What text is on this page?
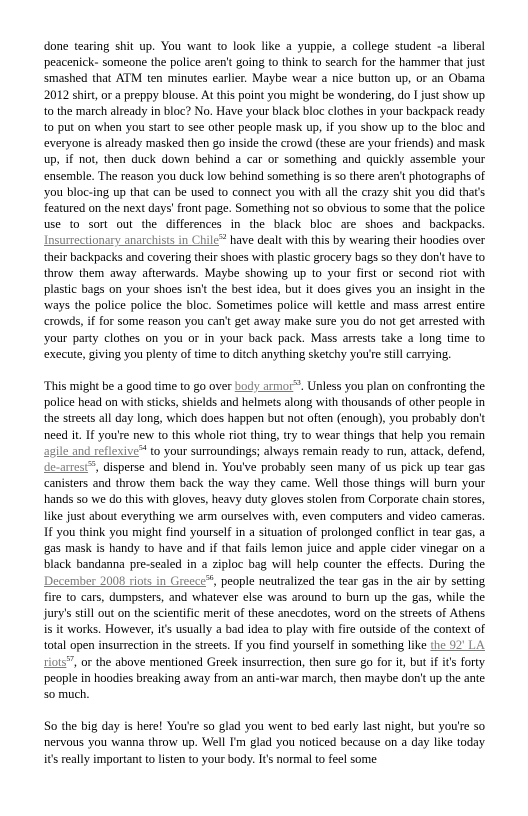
done tearing shit up. You want to look like a yuppie, a college student -a liberal peacenick- someone the police aren't going to think to search for the hammer that just smashed that ATM ten minutes earlier. Maybe wear a nice button up, or an Obama 2012 shirt, or a preppy blouse. At this point you might be wondering, do I just show up to the march already in bloc? No. Have your black bloc clothes in your backpack ready to put on when you start to see other people mask up, if you show up to the bloc and everyone is already masked then go inside the crowd (these are your friends) and mask up, if not, then duck down behind a car or something and quickly assemble your ensemble. The reason you duck low behind something is so there aren't photographs of you bloc-ing up that can be used to connect you with all the crazy shit you did that's featured on the next days' front page. Something not so obvious to some that the police use to sort out the differences in the black bloc are shoes and backpacks. Insurrectionary anarchists in Chile$^{52}$ have dealt with this by wearing their hoodies over their backpacks and covering their shoes with plastic grocery bags so they don't have to throw them away afterwards. Maybe showing up to your first or second riot with plastic bags on your shoes isn't the best idea, but it does gives you an insight in the ways the police police the bloc. Sometimes police will kettle and mass arrest entire crowds, if for some reason you can't get away make sure you do not get arrested with your party clothes on you or in your back pack. Mass arrests take a long time to execute, giving you plenty of time to ditch anything sketchy you're still carrying.

This might be a good time to go over body armor$^{53}$. Unless you plan on confronting the police head on with sticks, shields and helmets along with thousands of other people in the streets all day long, which does happen but not often (enough), you probably don't need it. If you're new to this whole riot thing, try to wear things that help you remain agile and reflexive$^{54}$ to your surroundings; always remain ready to run, attack, defend, de-arrest$^{55}$, disperse and blend in. You've probably seen many of us pick up tear gas canisters and throw them back the way they came. Well those things will burn your hands so we do this with gloves, heavy duty gloves stolen from Corporate chain stores, like just about everything we arm ourselves with, even computers and video cameras. If you think you might find yourself in a situation of prolonged conflict in tear gas, a gas mask is handy to have and if that fails lemon juice and apple cider vinegar on a black bandanna pre-sealed in a ziploc bag will help counter the effects. During the December 2008 riots in Greece$^{56}$, people neutralized the tear gas in the air by setting fire to cars, dumpsters, and whatever else was around to burn up the gas, while the jury's still out on the scientific merit of these anecdotes, word on the streets of Athens is it works. However, it's usually a bad idea to play with fire outside of the context of total open insurrection in the streets. If you find yourself in something like the 92' LA riots$^{57}$, or the above mentioned Greek insurrection, then sure go for it, but if it's forty people in hoodies breaking away from an anti-war march, then maybe don't up the ante so much.

So the big day is here! You're so glad you went to bed early last night, but you're so nervous you wanna throw up. Well I'm glad you noticed because on a day like today it's really important to listen to your body. It's normal to feel some
